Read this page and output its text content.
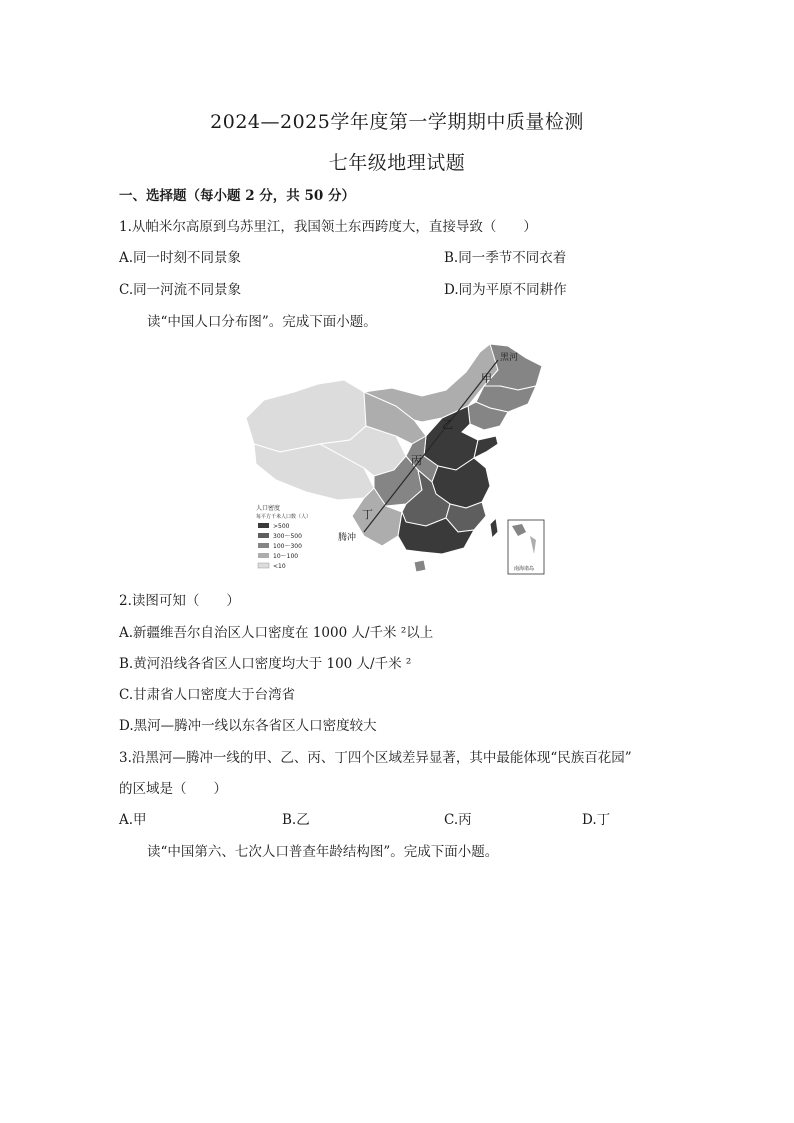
2024—2025学年度第一学期期中质量检测
七年级地理试题
一、选择题（每小题 2 分，共 50 分）
1.从帕米尔高原到乌苏里江，我国领土东西跨度大，直接导致（　　）
A.同一时刻不同景象	B.同一季节不同衣着
C.同一河流不同景象	D.同为平原不同耕作
读“中国人口分布图”。完成下面小题。
黑河
腾冲
甲
乙
丙
丁
人口密度
每平方千米人口数（人）
>500
300～500
100～300
10～100
<10	南海诸岛
2.读图可知（　　）
A.新疆维吾尔自治区人口密度在 1000 人/千米 ²以上
B.黄河沿线各省区人口密度均大于 100 人/千米 ²
C.甘肃省人口密度大于台湾省
D.黑河—腾冲一线以东各省区人口密度较大
3.沿黑河—腾冲一线的甲、乙、丙、丁四个区域差异显著，其中最能体现“民族百花园”
的区域是（　　）
A.甲	B.乙	C.丙	D.丁
读“中国第六、七次人口普查年龄结构图”。完成下面小题。
